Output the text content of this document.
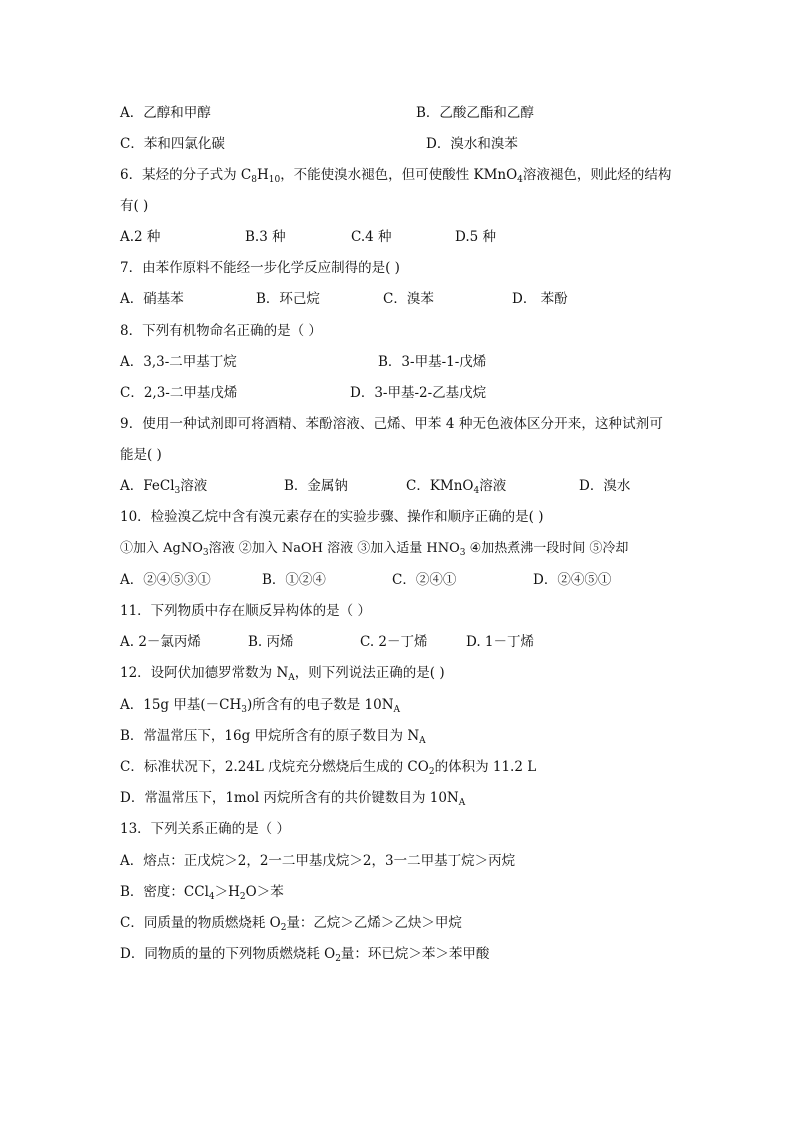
A．乙醇和甲醇	B．乙酸乙酯和乙醇
C．苯和四氯化碳	D．溴水和溴苯
6．某烃的分子式为 $C_8H_{10}$，不能使溴水褪色，但可使酸性 KMnO$_4$溶液褪色，则此烃的结构
有( )
A.2 种	B.3 种	C.4 种	D.5 种
7．由苯作原料不能经一步化学反应制得的是( )
A．硝基苯	B．环己烷	C．溴苯	D． 苯酚
8．下列有机物命名正确的是（ ）
A．3,3-二甲基丁烷	B．3-甲基-1-戊烯
C．2,3-二甲基戊烯	D．3-甲基-2-乙基戊烷
9．使用一种试剂即可将酒精、苯酚溶液、己烯、甲苯 4 种无色液体区分开来，这种试剂可
能是( )
A．FeCl$_3$溶液	B．金属钠	C．KMnO$_4$溶液	D．溴水
10．检验溴乙烷中含有溴元素存在的实验步骤、操作和顺序正确的是( )
①加入 AgNO$_3$溶液 ②加入 NaOH 溶液 ③加入适量 $HNO_3$ ④加热煮沸一段时间 ⑤冷却
A．②④⑤③①	B．①②④	C．②④①	D．②④⑤①
11．下列物质中存在顺反异构体的是（ ）
A. 2－氯丙烯	B. 丙烯	C. 2－丁烯	D. 1－丁烯
12．设阿伏加德罗常数为 $N_A$，则下列说法正确的是( )
A．15g 甲基$(-CH_3)$所含有的电子数是 $10N_A$
B．常温常压下，16g 甲烷所含有的原子数目为 $N_A$
C．标准状况下，2.24L 戊烷充分燃烧后生成的 $CO_2$的体积为 11.2 L
D．常温常压下，1mol 丙烷所含有的共价键数目为 $10N_A$
13．下列关系正确的是（ ）
A．熔点：正戊烷＞2，2一二甲基戊烷＞2，3一二甲基丁烷＞丙烷
B．密度：$CCl_4>H_2O>$苯
C．同质量的物质燃烧耗 $O_2$量：乙烷＞乙烯＞乙炔＞甲烷
D．同物质的量的下列物质燃烧耗 $O_2$量：环已烷＞苯＞苯甲酸
